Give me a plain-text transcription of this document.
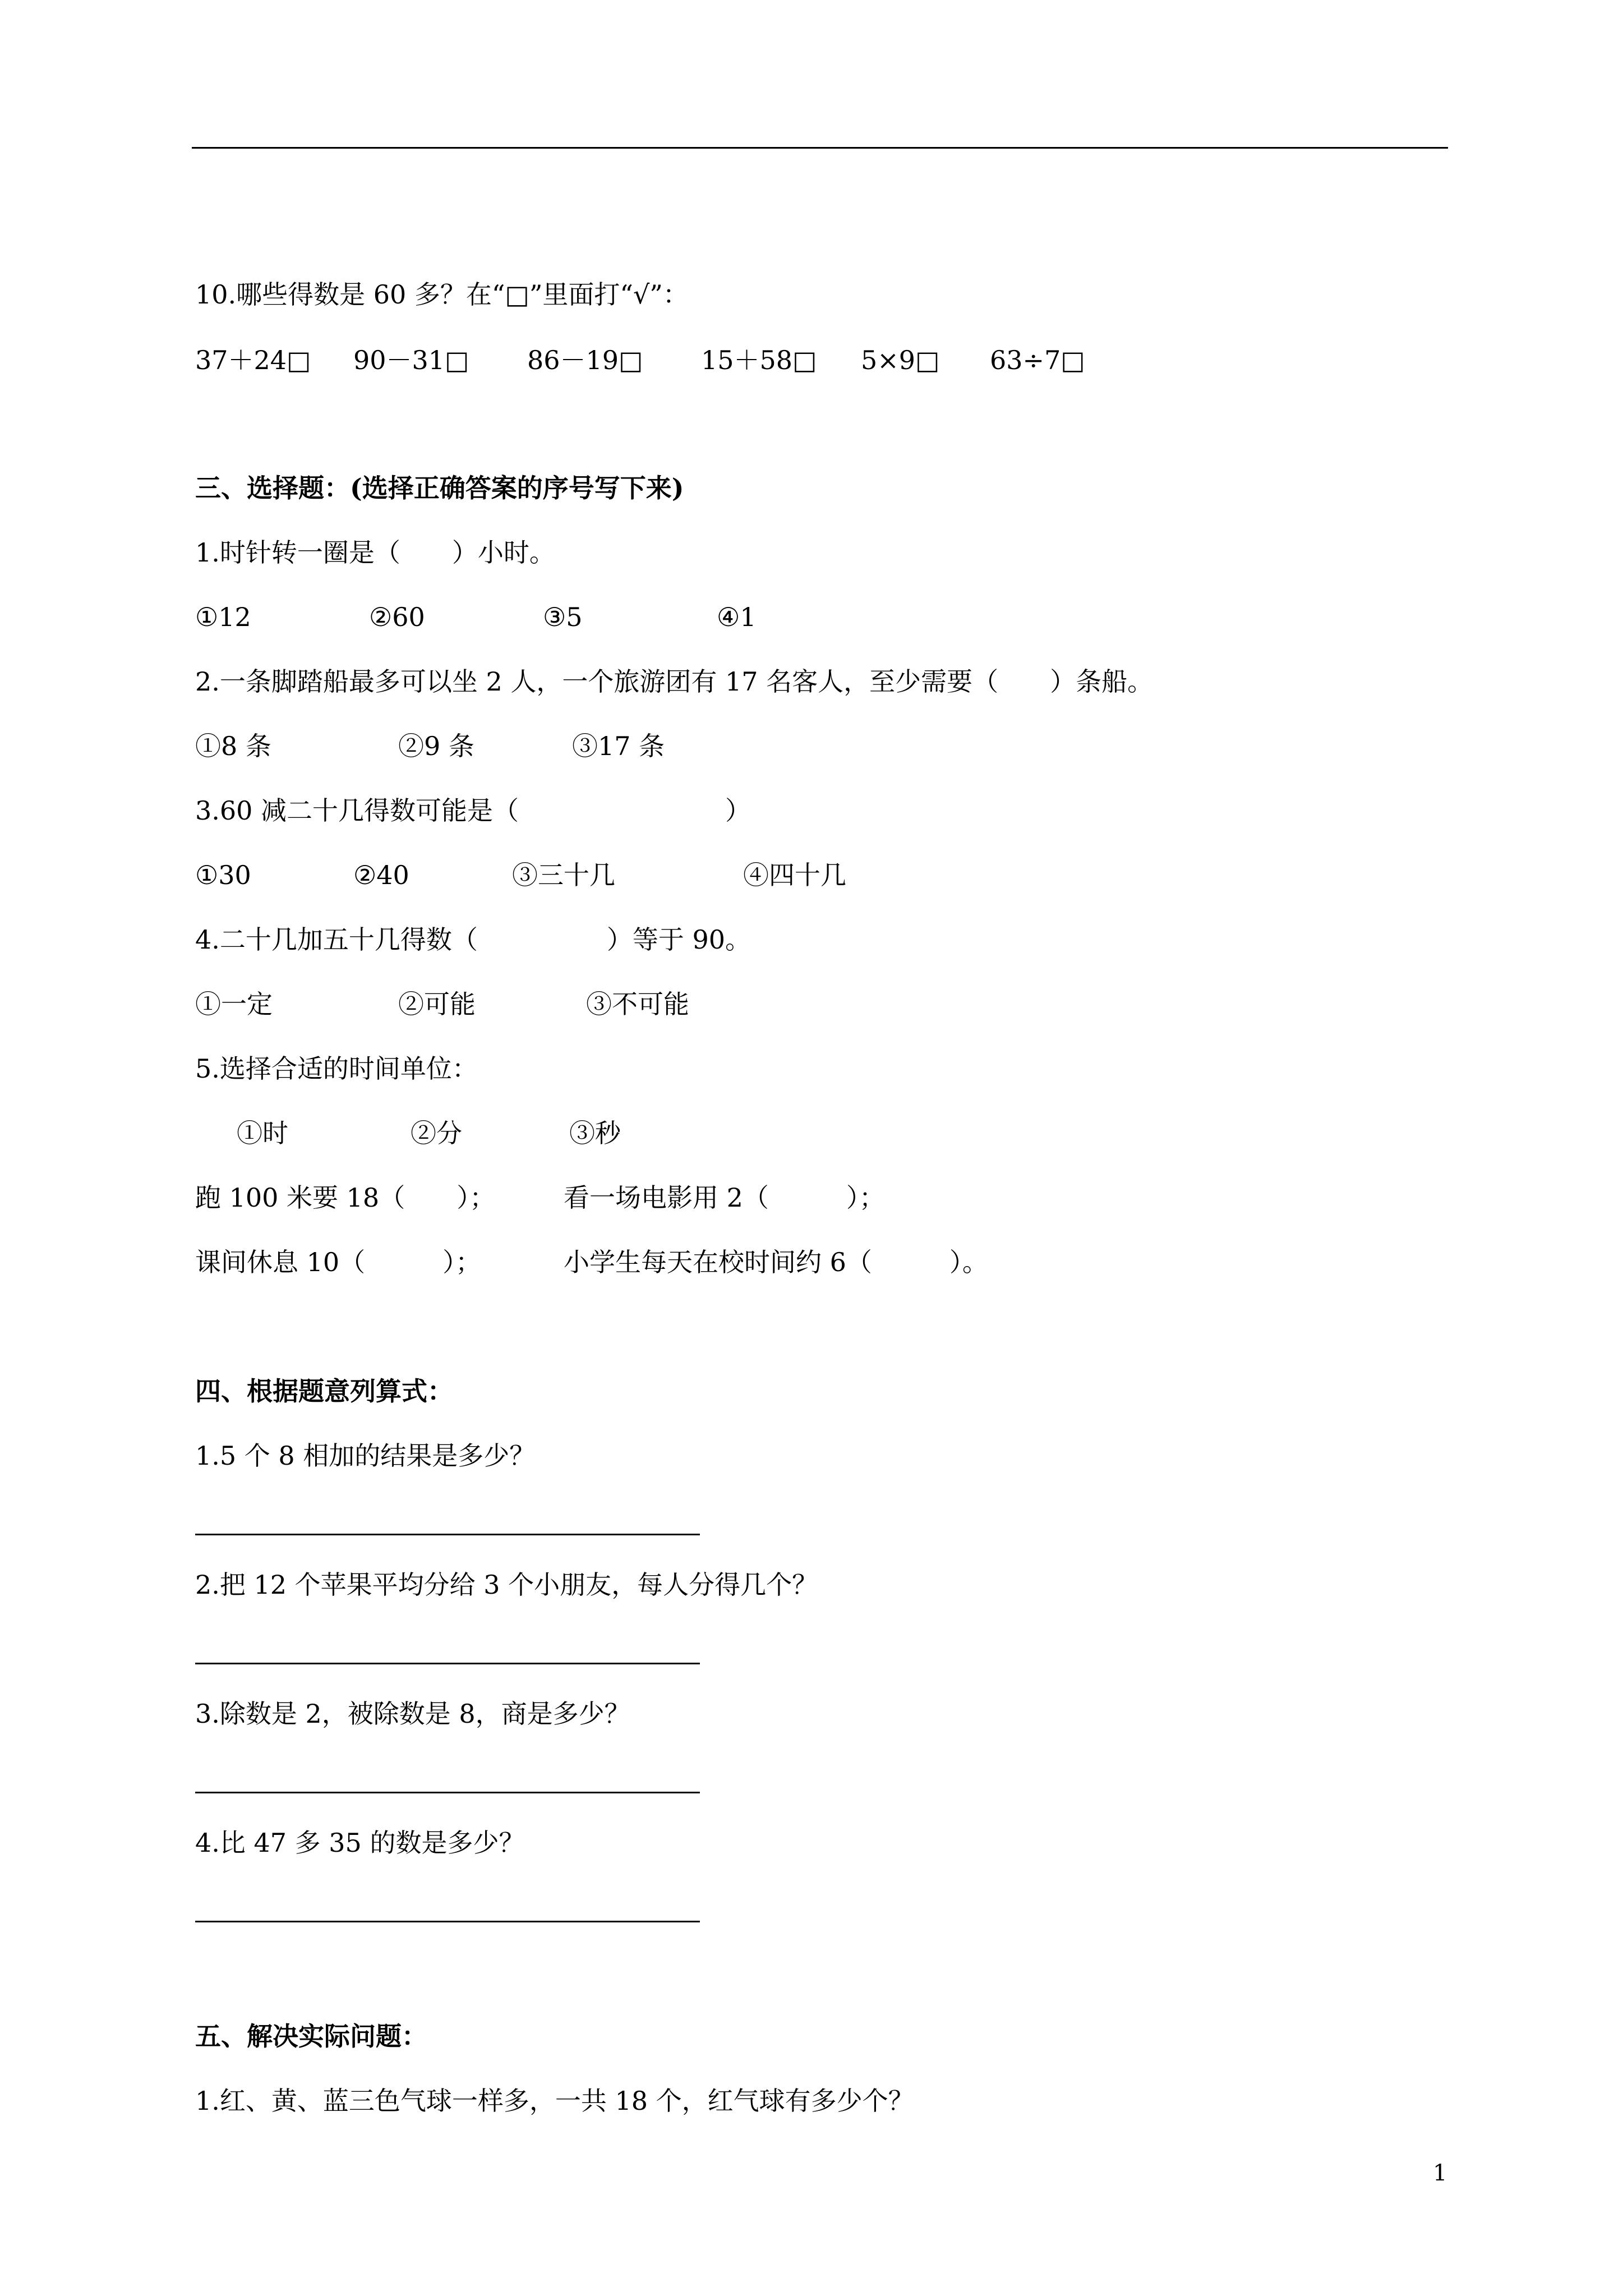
10.哪些得数是 60 多？在“□”里面打“√”：
37＋24□ 90－31□ 86－19□ 15＋58□ 5×9□ 63÷7□
三、选择题：(选择正确答案的序号写下来)
1.时针转一圈是（　　）小时。
①12	②60	③5	④1
2.一条脚踏船最多可以坐 2 人，一个旅游团有 17 名客人，至少需要（　　）条船。
①8 条	②9 条	③17 条
3.60 减二十几得数可能是（　　　　　　　　）
①30	②40	③三十几	④四十几
4.二十几加五十几得数（　　　　　）等于 90。
①一定	②可能	③不可能
5.选择合适的时间单位：
①时	②分	③秒
跑 100 米要 18（　　）；	看一场电影用 2（　　　）；
课间休息 10（　　　）；	小学生每天在校时间约 6（　　　）。
四、根据题意列算式：
1.5 个 8 相加的结果是多少？
2.把 12 个苹果平均分给 3 个小朋友，每人分得几个？
3.除数是 2，被除数是 8，商是多少？
4.比 47 多 35 的数是多少？
五、解决实际问题：
1.红、黄、蓝三色气球一样多，一共 18 个，红气球有多少个？
1
